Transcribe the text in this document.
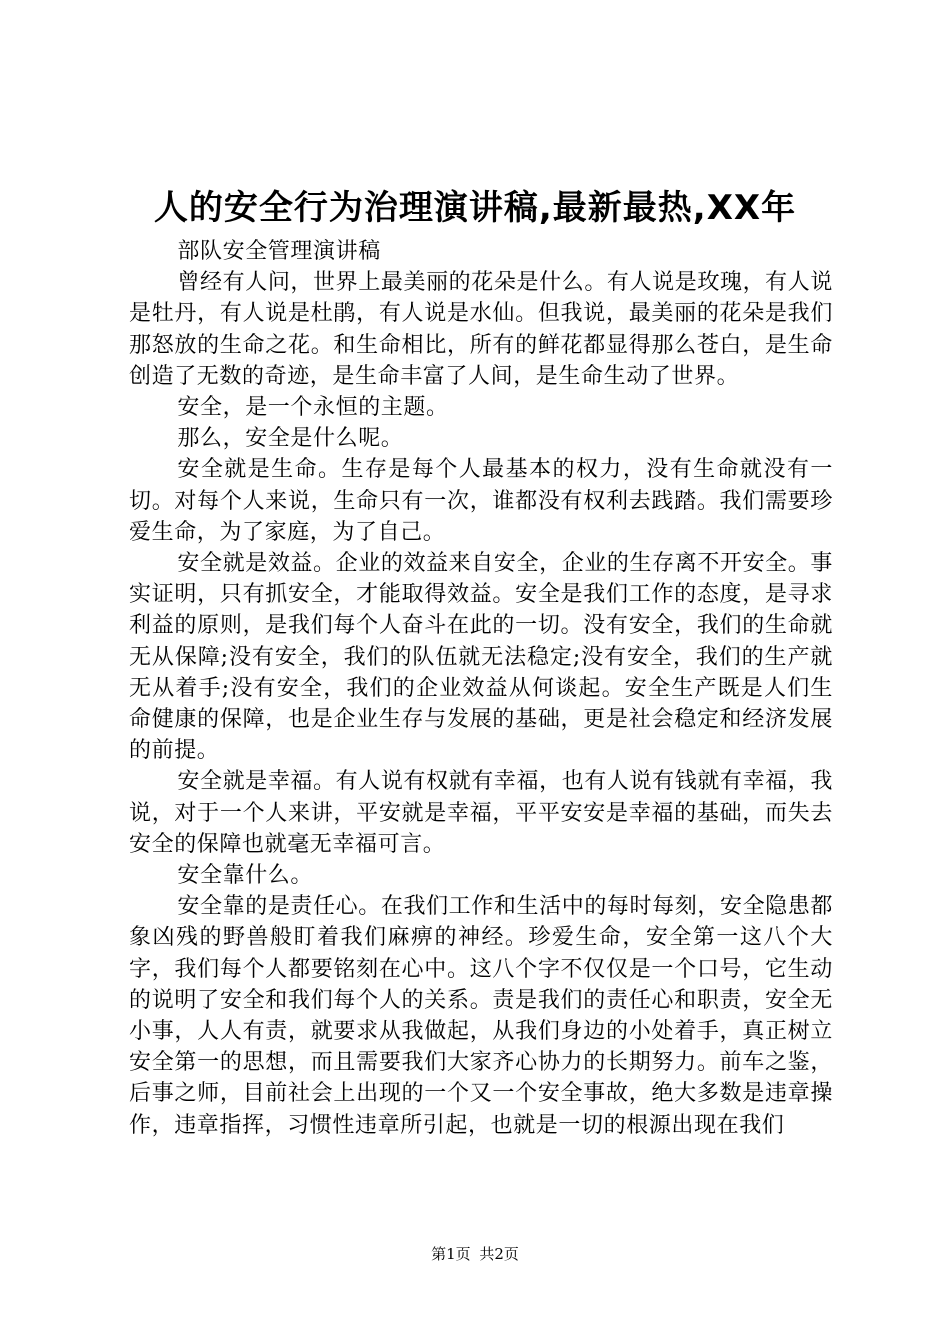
人的安全行为治理演讲稿,最新最热,XX年

部队安全管理演讲稿

曾经有人问，世界上最美丽的花朵是什么。有人说是玫瑰，有人说是牡丹，有人说是杜鹃，有人说是水仙。但我说，最美丽的花朵是我们那怒放的生命之花。和生命相比，所有的鲜花都显得那么苍白，是生命创造了无数的奇迹，是生命丰富了人间，是生命生动了世界。

安全，是一个永恒的主题。

那么，安全是什么呢。

安全就是生命。生存是每个人最基本的权力，没有生命就没有一切。对每个人来说，生命只有一次，谁都没有权利去践踏。我们需要珍爱生命，为了家庭，为了自己。

安全就是效益。企业的效益来自安全，企业的生存离不开安全。事实证明，只有抓安全，才能取得效益。安全是我们工作的态度，是寻求利益的原则，是我们每个人奋斗在此的一切。没有安全，我们的生命就无从保障;没有安全，我们的队伍就无法稳定;没有安全，我们的生产就无从着手;没有安全，我们的企业效益从何谈起。安全生产既是人们生命健康的保障，也是企业生存与发展的基础，更是社会稳定和经济发展的前提。

安全就是幸福。有人说有权就有幸福，也有人说有钱就有幸福，我说，对于一个人来讲，平安就是幸福，平平安安是幸福的基础，而失去安全的保障也就毫无幸福可言。

安全靠什么。

安全靠的是责任心。在我们工作和生活中的每时每刻，安全隐患都象凶残的野兽般盯着我们麻痹的神经。珍爱生命，安全第一这八个大字，我们每个人都要铭刻在心中。这八个字不仅仅是一个口号，它生动的说明了安全和我们每个人的关系。责是我们的责任心和职责，安全无小事，人人有责，就要求从我做起，从我们身边的小处着手，真正树立安全第一的思想，而且需要我们大家齐心协力的长期努力。前车之鉴，后事之师，目前社会上出现的一个又一个安全事故，绝大多数是违章操作，违章指挥，习惯性违章所引起，也就是一切的根源出现在我们

第1页 共2页
